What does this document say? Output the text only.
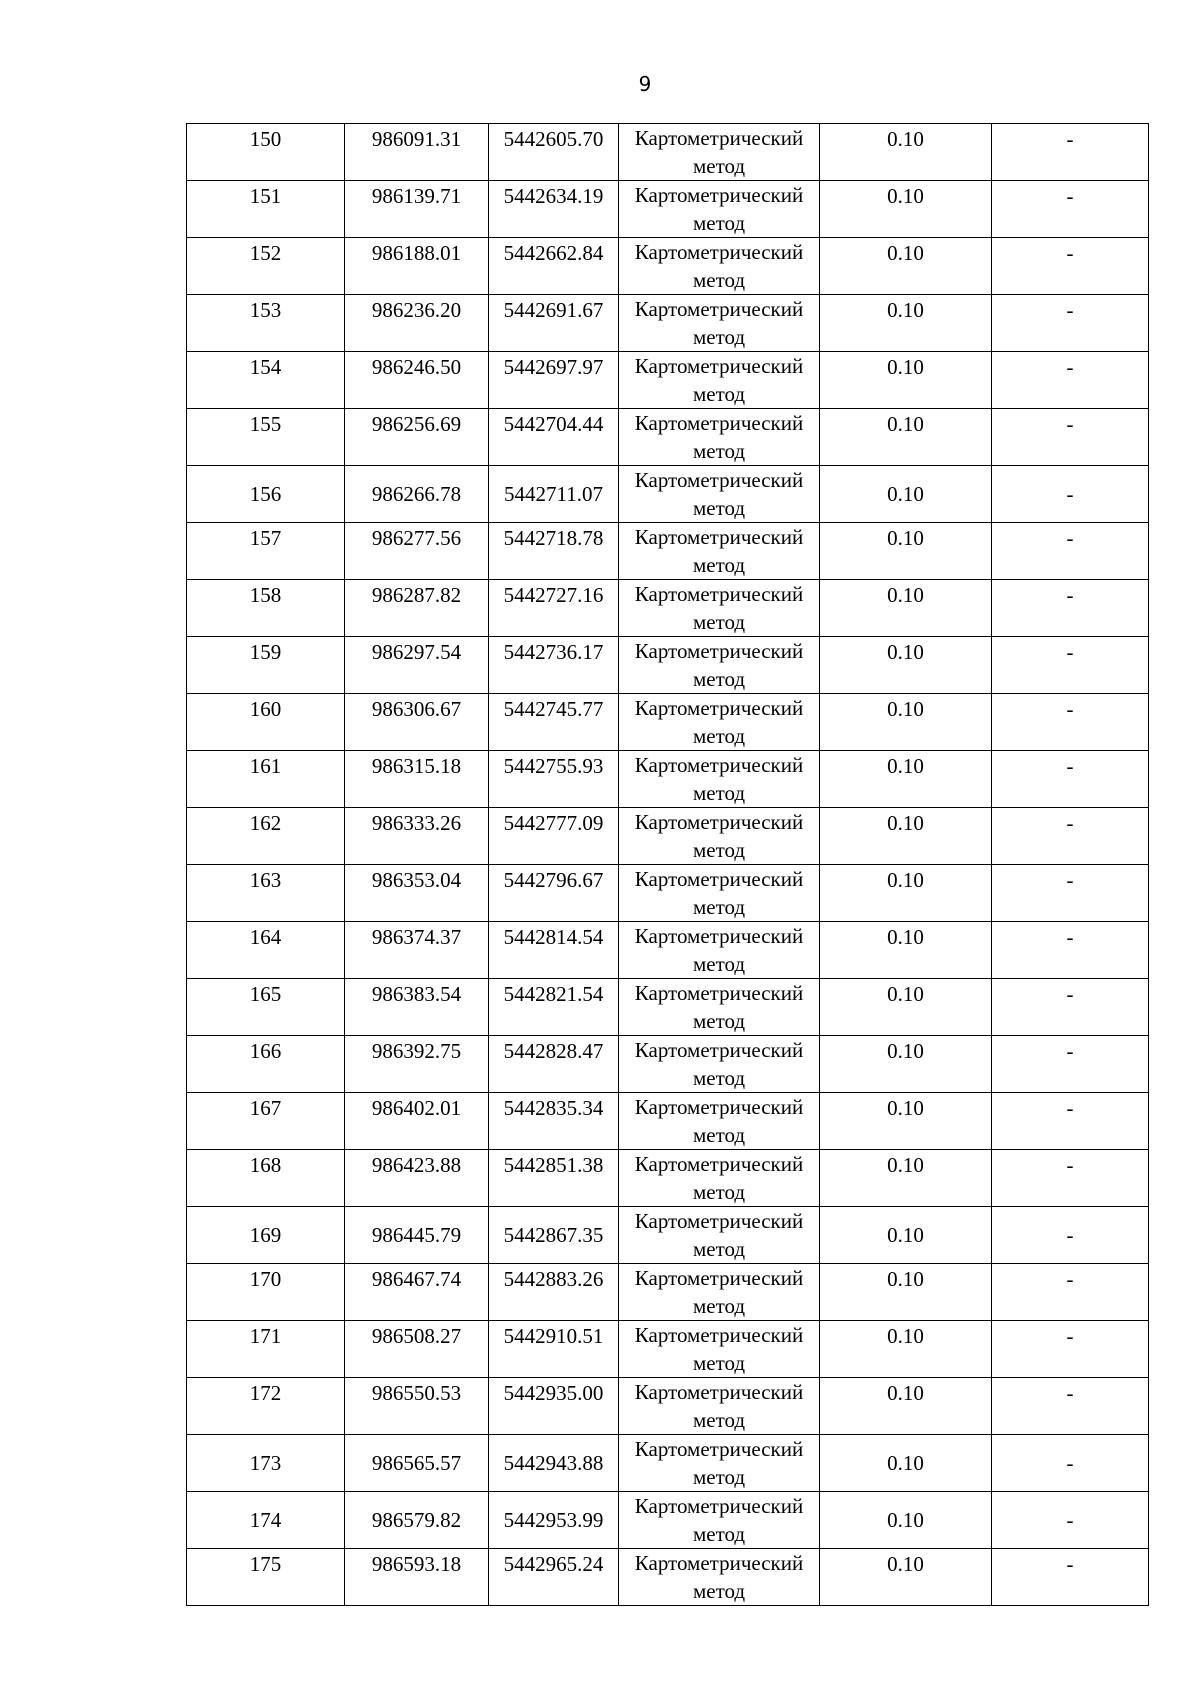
9
150	986091.31	5442605.70	Картометрический
метод	0.10	-
151	986139.71	5442634.19	Картометрический
метод	0.10	-
152	986188.01	5442662.84	Картометрический
метод	0.10	-
153	986236.20	5442691.67	Картометрический
метод	0.10	-
154	986246.50	5442697.97	Картометрический
метод	0.10	-
155	986256.69	5442704.44	Картометрический
метод	0.10	-
156	986266.78	5442711.07	Картометрический
метод	0.10	-
157	986277.56	5442718.78	Картометрический
метод	0.10	-
158	986287.82	5442727.16	Картометрический
метод	0.10	-
159	986297.54	5442736.17	Картометрический
метод	0.10	-
160	986306.67	5442745.77	Картометрический
метод	0.10	-
161	986315.18	5442755.93	Картометрический
метод	0.10	-
162	986333.26	5442777.09	Картометрический
метод	0.10	-
163	986353.04	5442796.67	Картометрический
метод	0.10	-
164	986374.37	5442814.54	Картометрический
метод	0.10	-
165	986383.54	5442821.54	Картометрический
метод	0.10	-
166	986392.75	5442828.47	Картометрический
метод	0.10	-
167	986402.01	5442835.34	Картометрический
метод	0.10	-
168	986423.88	5442851.38	Картометрический
метод	0.10	-
169	986445.79	5442867.35	Картометрический
метод	0.10	-
170	986467.74	5442883.26	Картометрический
метод	0.10	-
171	986508.27	5442910.51	Картометрический
метод	0.10	-
172	986550.53	5442935.00	Картометрический
метод	0.10	-
173	986565.57	5442943.88	Картометрический
метод	0.10	-
174	986579.82	5442953.99	Картометрический
метод	0.10	-
175	986593.18	5442965.24	Картометрический
метод	0.10	-
